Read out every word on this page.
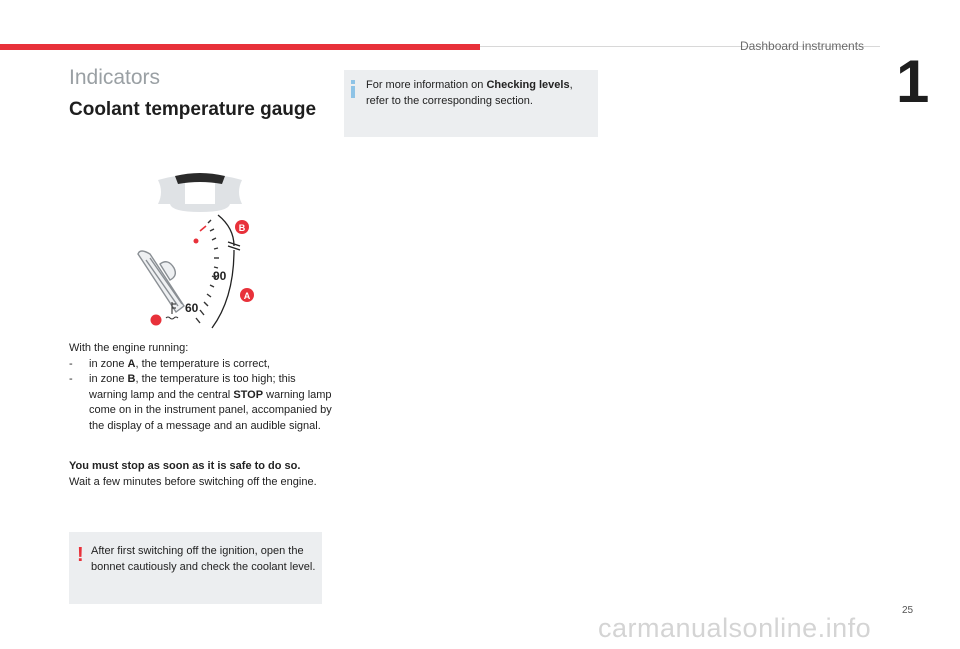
Dashboard instruments
1
Indicators
Coolant temperature gauge
90
60
B
A
With the engine running:
- in zone A, the temperature is correct,
- in zone B, the temperature is too high; this warning lamp and the central STOP warning lamp come on in the instrument panel, accompanied by the display of a message and an audible signal.
You must stop as soon as it is safe to do so.
Wait a few minutes before switching off the engine.
! After first switching off the ignition, open the bonnet cautiously and check the coolant level.
For more information on Checking levels, refer to the corresponding section.
25
carmanualsonline.info
